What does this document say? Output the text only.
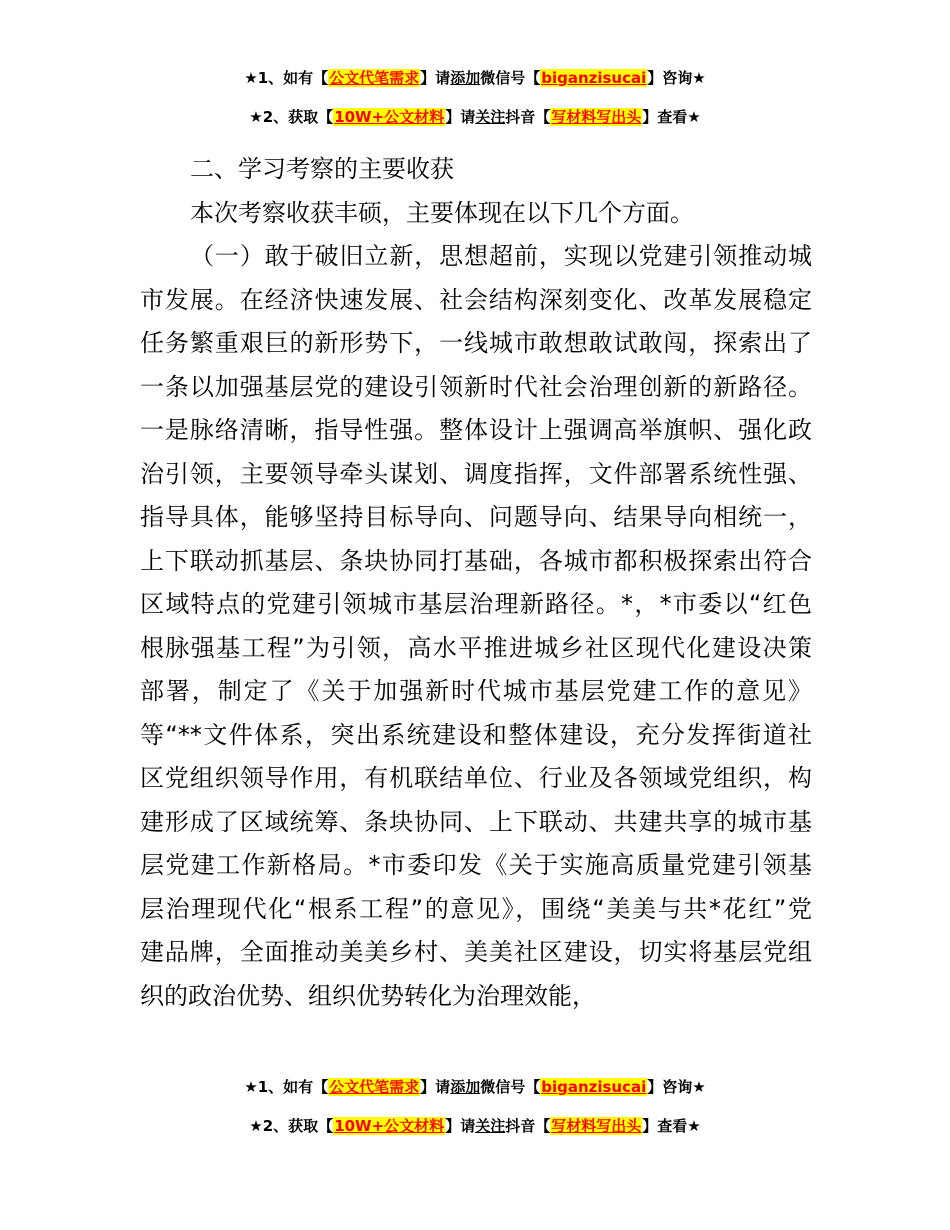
★1、如有【公文代笔需求】请添加微信号【biganzisucai】咨询★
★2、获取【10W+公文材料】请关注抖音【写材料写出头】查看★
二、学习考察的主要收获
本次考察收获丰硕，主要体现在以下几个方面。
（一）敢于破旧立新，思想超前，实现以党建引领推动城
市发展。在经济快速发展、社会结构深刻变化、改革发展稳定
任务繁重艰巨的新形势下，一线城市敢想敢试敢闯，探索出了
一条以加强基层党的建设引领新时代社会治理创新的新路径。
一是脉络清晰，指导性强。整体设计上强调高举旗帜、强化政
治引领，主要领导牵头谋划、调度指挥，文件部署系统性强、
指导具体，能够坚持目标导向、问题导向、结果导向相统一，
上下联动抓基层、条块协同打基础，各城市都积极探索出符合
区域特点的党建引领城市基层治理新路径。*，*市委以“红色
根脉强基工程”为引领，高水平推进城乡社区现代化建设决策
部署，制定了《关于加强新时代城市基层党建工作的意见》
等“**文件体系，突出系统建设和整体建设，充分发挥街道社
区党组织领导作用，有机联结单位、行业及各领域党组织，构
建形成了区域统筹、条块协同、上下联动、共建共享的城市基
层党建工作新格局。*市委印发《关于实施高质量党建引领基
层治理现代化“根系工程”的意见》，围绕“美美与共*花红”党
建品牌，全面推动美美乡村、美美社区建设，切实将基层党组
织的政治优势、组织优势转化为治理效能，
★1、如有【公文代笔需求】请添加微信号【biganzisucai】咨询★
★2、获取【10W+公文材料】请关注抖音【写材料写出头】查看★
